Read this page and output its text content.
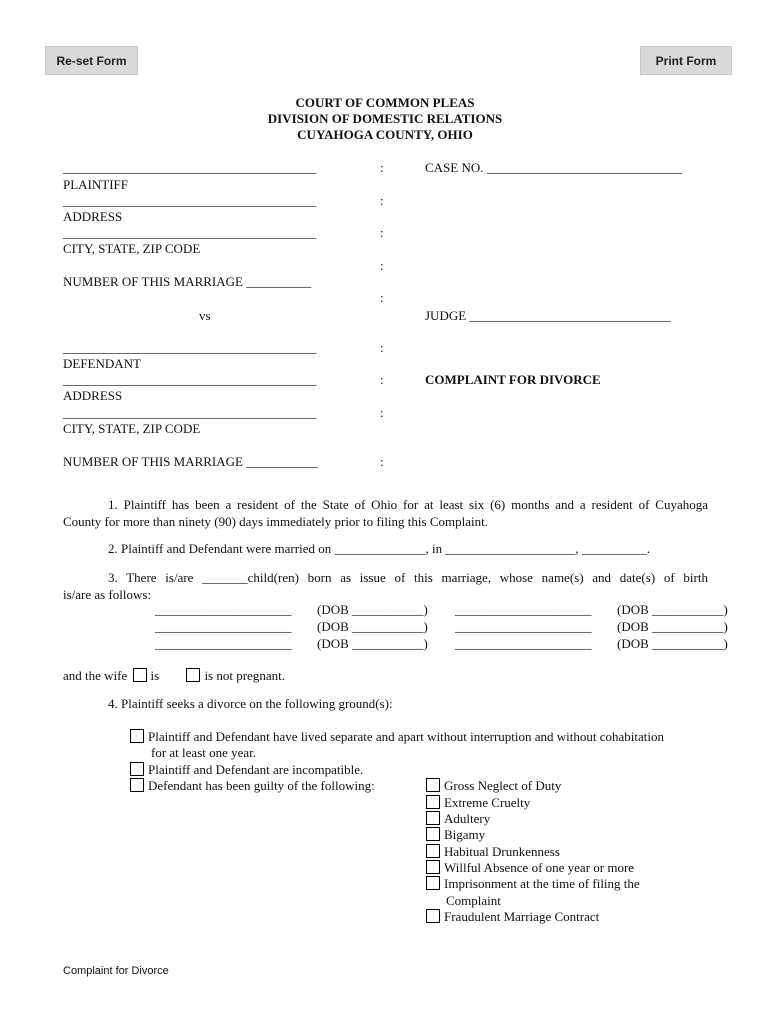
Re-set Form	Print Form
COURT OF COMMON PLEAS
DIVISION OF DOMESTIC RELATIONS
CUYAHOGA COUNTY, OHIO
_______________________________________
PLAINTIFF
_______________________________________
ADDRESS
_______________________________________
CITY, STATE, ZIP CODE
NUMBER OF THIS MARRIAGE __________
vs
_______________________________________
DEFENDANT
_______________________________________
ADDRESS
_______________________________________
CITY, STATE, ZIP CODE
NUMBER OF THIS MARRIAGE ___________
:
:
:
:
:
:
:
:
:
CASE NO. ______________________________
JUDGE _______________________________
COMPLAINT FOR DIVORCE
1. Plaintiff has been a resident of the State of Ohio for at least six (6) months and a resident of Cuyahoga
County for more than ninety (90) days immediately prior to filing this Complaint.
2. Plaintiff and Defendant were married on ______________, in ____________________, __________.
3. There is/are _______child(ren) born as issue of this marriage, whose name(s) and date(s) of birth
is/are as follows:
_____________________ (DOB ___________) _____________________ (DOB ___________)
_____________________ (DOB ___________) _____________________ (DOB ___________)
_____________________ (DOB ___________) _____________________ (DOB ___________)
and the wife is	is not pregnant.
4. Plaintiff seeks a divorce on the following ground(s):
Plaintiff and Defendant have lived separate and apart without interruption and without cohabitation
for at least one year.
Plaintiff and Defendant are incompatible.
Defendant has been guilty of the following:	Gross Neglect of Duty
Extreme Cruelty
Adultery
Bigamy
Habitual Drunkenness
Willful Absence of one year or more
Imprisonment at the time of filing the
Complaint
Fraudulent Marriage Contract
Complaint for Divorce
